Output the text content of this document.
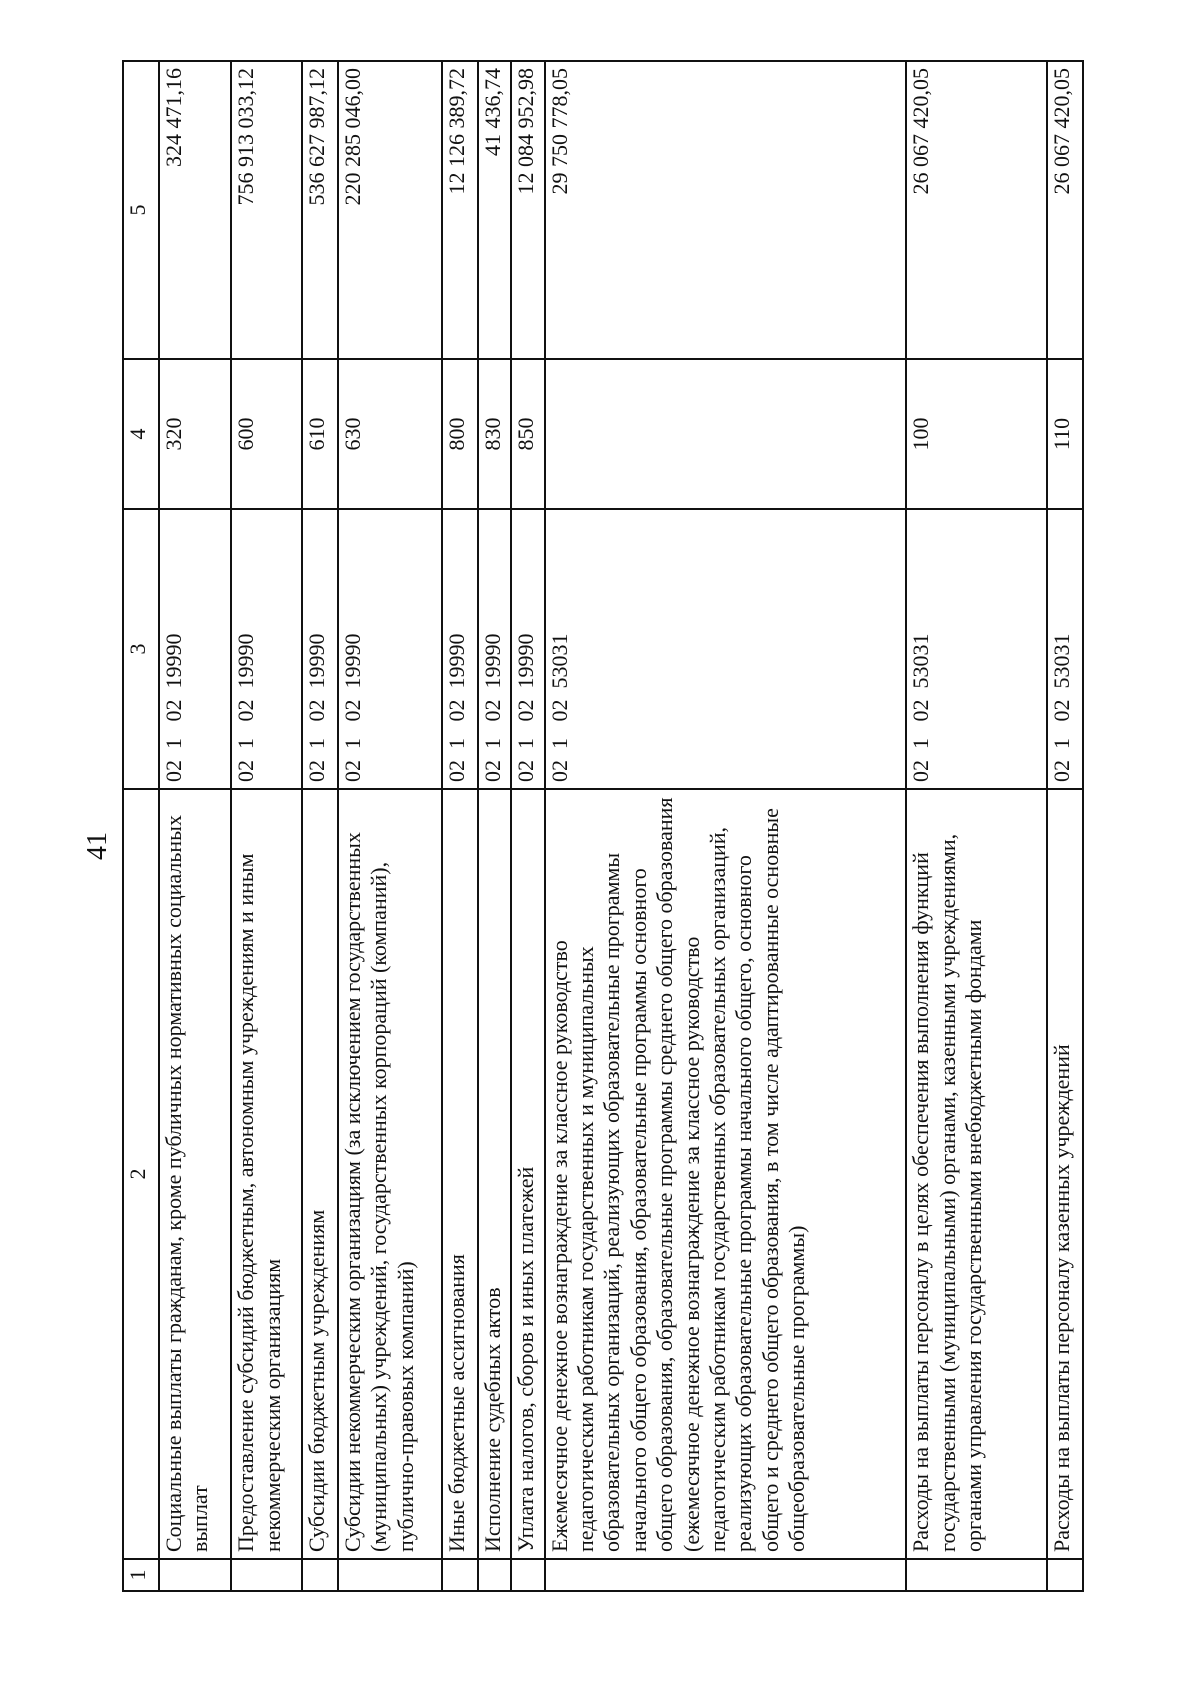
41
1	2	3	4	5
	Социальные выплаты гражданам, кроме публичных нормативных социальных выплат	02  1   02  19990	320	324 471,16
	Предоставление субсидий бюджетным, автономным учреждениям и иным некоммерческим организациям	02  1   02  19990	600	756 913 033,12
	Субсидии бюджетным учреждениям	02  1   02  19990	610	536 627 987,12
	Субсидии некоммерческим организациям (за исключением государственных (муниципальных) учреждений, государственных корпораций (компаний), публично-правовых компаний)	02  1   02  19990	630	220 285 046,00
	Иные бюджетные ассигнования	02  1   02  19990	800	12 126 389,72
	Исполнение судебных актов	02  1   02  19990	830	41 436,74
	Уплата налогов, сборов и иных платежей	02  1   02  19990	850	12 084 952,98
	Ежемесячное денежное вознаграждение за классное руководство педагогическим работникам государственных и муниципальных образовательных организаций, реализующих образовательные программы начального общего образования, образовательные программы основного общего образования, образовательные программы среднего общего образования (ежемесячное денежное вознаграждение за классное руководство педагогическим работникам государственных образовательных организаций, реализующих образовательные программы начального общего, основного общего и среднего общего образования, в том числе адаптированные основные общеобразовательные программы)	02  1   02  53031		29 750 778,05
	Расходы на выплаты персоналу в целях обеспечения выполнения функций государственными (муниципальными) органами, казенными учреждениями, органами управления государственными внебюджетными фондами	02  1   02  53031	100	26 067 420,05
	Расходы на выплаты персоналу казенных учреждений	02  1   02  53031	110	26 067 420,05
